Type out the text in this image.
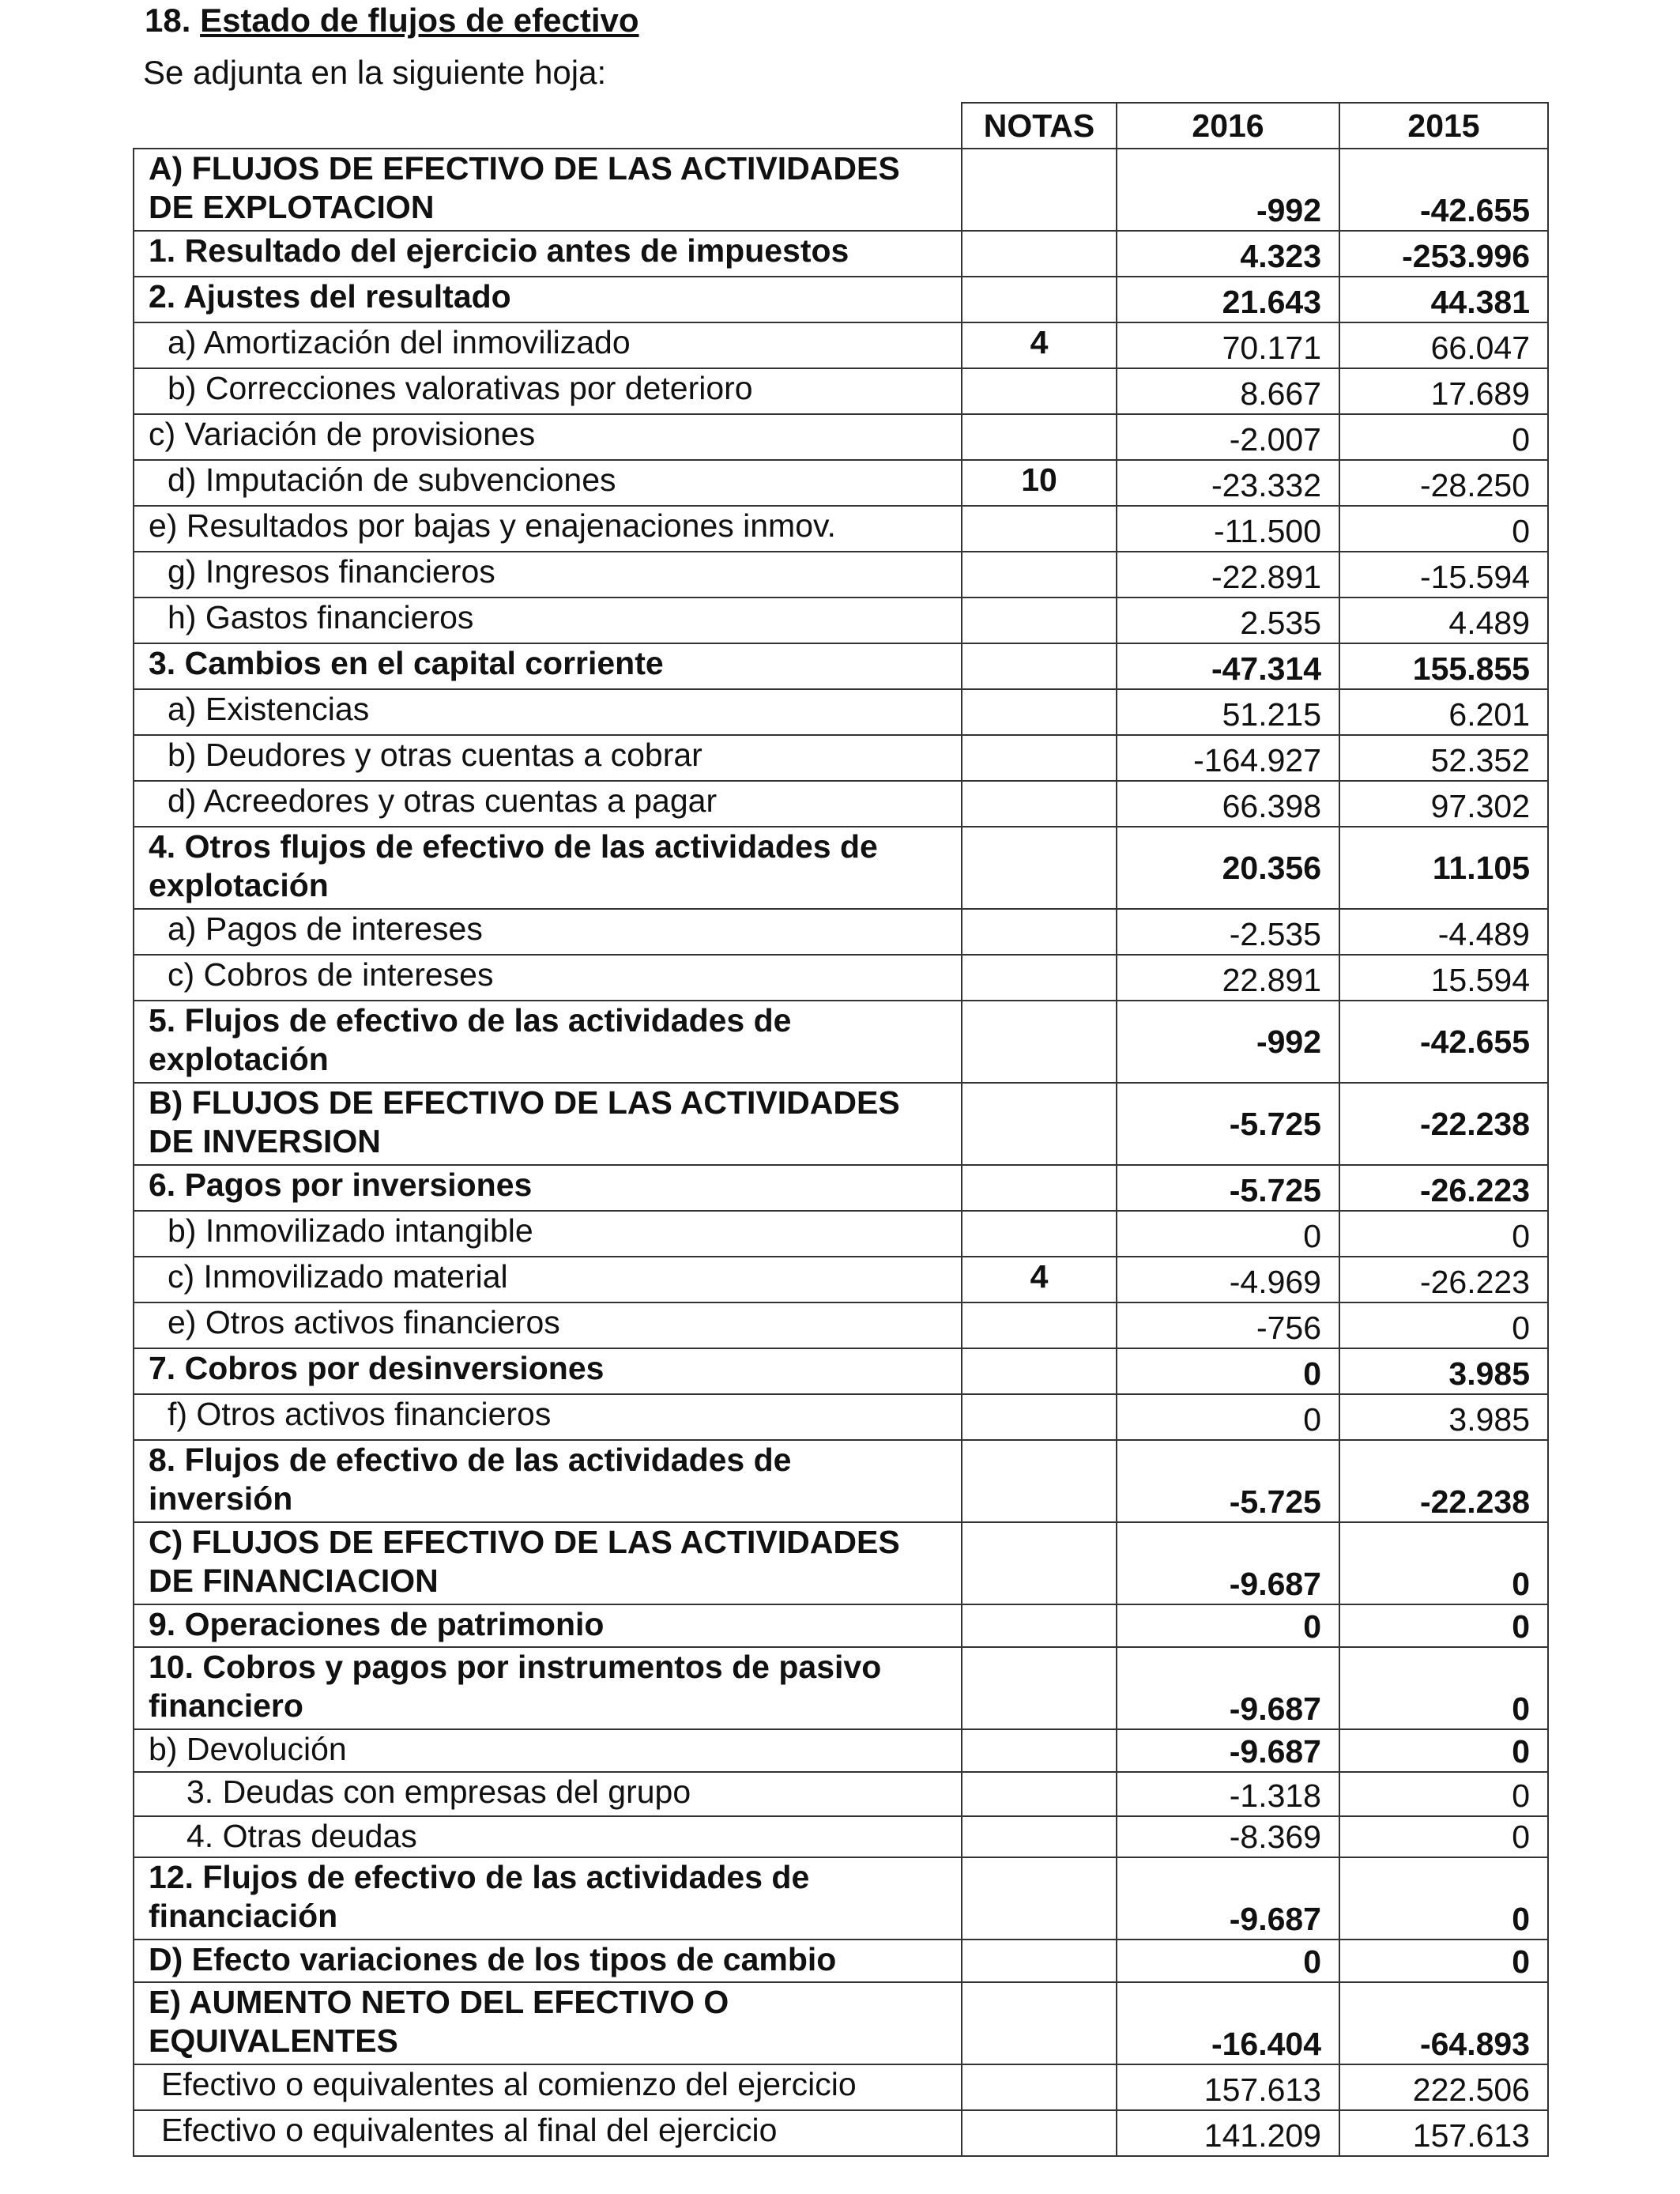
18. Estado de flujos de efectivo
Se adjunta en la siguiente hoja:
	NOTAS	2016	2015
A) FLUJOS DE EFECTIVO DE LAS ACTIVIDADES DE EXPLOTACION		-992	-42.655
1. Resultado del ejercicio antes de impuestos		4.323	-253.996
2. Ajustes del resultado		21.643	44.381
a) Amortización del inmovilizado	4	70.171	66.047
b) Correcciones valorativas por deterioro		8.667	17.689
c) Variación de provisiones		-2.007	0
d) Imputación de subvenciones	10	-23.332	-28.250
e) Resultados por bajas y enajenaciones inmov.		-11.500	0
g) Ingresos financieros		-22.891	-15.594
h) Gastos financieros		2.535	4.489
3. Cambios en el capital corriente		-47.314	155.855
a) Existencias		51.215	6.201
b) Deudores y otras cuentas a cobrar		-164.927	52.352
d) Acreedores y otras cuentas a pagar		66.398	97.302
4. Otros flujos de efectivo de las actividades de explotación		20.356	11.105
a) Pagos de intereses		-2.535	-4.489
c) Cobros de intereses		22.891	15.594
5. Flujos de efectivo de las actividades de explotación		-992	-42.655
B) FLUJOS DE EFECTIVO DE LAS ACTIVIDADES DE INVERSION		-5.725	-22.238
6. Pagos por inversiones		-5.725	-26.223
b) Inmovilizado intangible		0	0
c) Inmovilizado material	4	-4.969	-26.223
e) Otros activos financieros		-756	0
7. Cobros por desinversiones		0	3.985
f) Otros activos financieros		0	3.985
8. Flujos de efectivo de las actividades de inversión		-5.725	-22.238
C) FLUJOS DE EFECTIVO DE LAS ACTIVIDADES DE FINANCIACION		-9.687	0
9. Operaciones de patrimonio		0	0
10. Cobros y pagos por instrumentos de pasivo financiero		-9.687	0
b) Devolución		-9.687	0
3. Deudas con empresas del grupo		-1.318	0
4. Otras deudas		-8.369	0
12. Flujos de efectivo de las actividades de financiación		-9.687	0
D) Efecto variaciones de los tipos de cambio		0	0
E) AUMENTO NETO DEL EFECTIVO O EQUIVALENTES		-16.404	-64.893
Efectivo o equivalentes al comienzo del ejercicio		157.613	222.506
Efectivo o equivalentes al final del ejercicio		141.209	157.613
